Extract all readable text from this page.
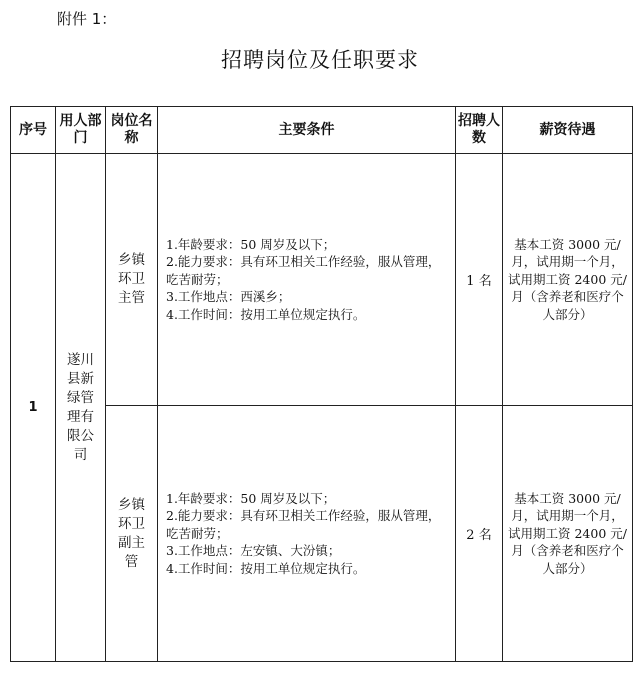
附件 1：
招聘岗位及任职要求
序号	用人部门	岗位名称	主要条件	招聘人数	薪资待遇
1	遂川县新绿管理有限公司	乡镇环卫主管	1.年龄要求：50 周岁及以下；
2.能力要求：具有环卫相关工作经验，服从管理，吃苦耐劳；
3.工作地点：西溪乡；
4.工作时间：按用工单位规定执行。	1 名	基本工资 3000 元/月，试用期一个月，试用期工资 2400 元/月（含养老和医疗个人部分）
		乡镇环卫副主管	1.年龄要求：50 周岁及以下；
2.能力要求：具有环卫相关工作经验，服从管理，吃苦耐劳；
3.工作地点：左安镇、大汾镇；
4.工作时间：按用工单位规定执行。	2 名	基本工资 3000 元/月，试用期一个月，试用期工资 2400 元/月（含养老和医疗个人部分）
